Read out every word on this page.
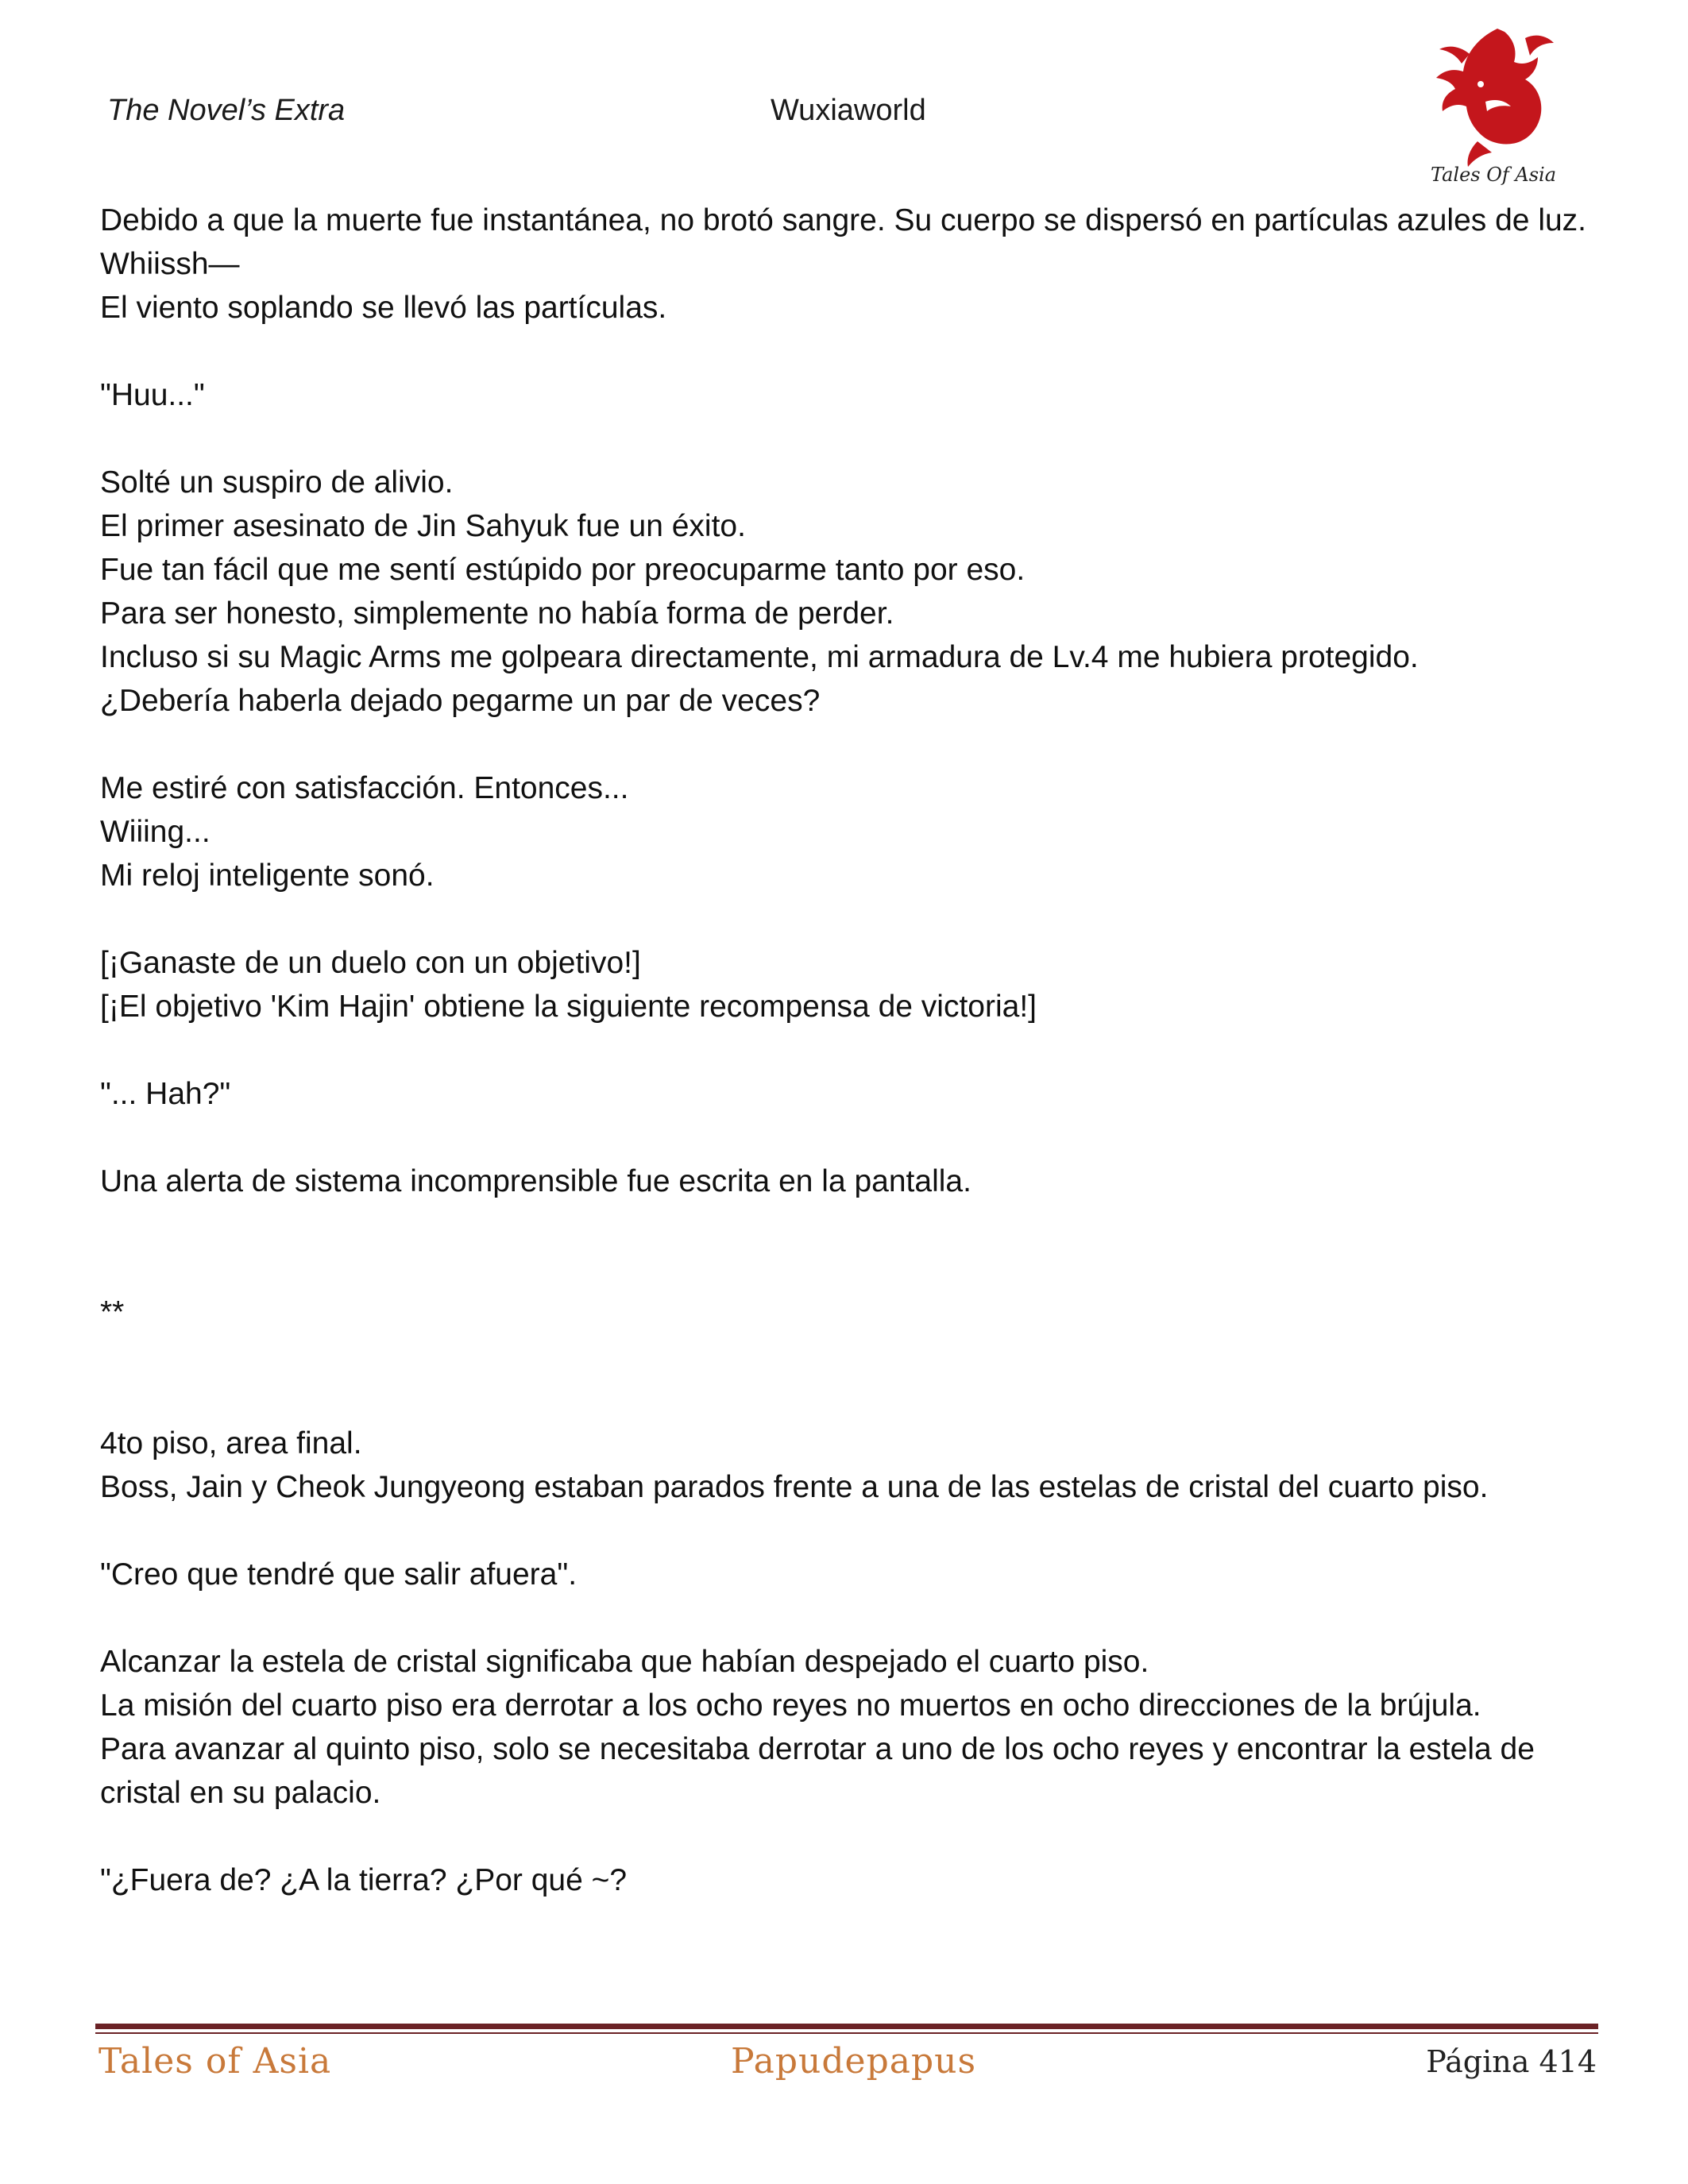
The Novel’s Extra	Wuxiaworld
Tales Of Asia

Debido a que la muerte fue instantánea, no brotó sangre. Su cuerpo se dispersó en partículas azules de luz.

Whiissh—

El viento soplando se llevó las partículas.

"Huu..."

Solté un suspiro de alivio.

El primer asesinato de Jin Sahyuk fue un éxito.

Fue tan fácil que me sentí estúpido por preocuparme tanto por eso.

Para ser honesto, simplemente no había forma de perder.

Incluso si su Magic Arms me golpeara directamente, mi armadura de Lv.4 me hubiera protegido.

¿Debería haberla dejado pegarme un par de veces?

Me estiré con satisfacción. Entonces...

Wiiing...

Mi reloj inteligente sonó.

[¡Ganaste de un duelo con un objetivo!]

[¡El objetivo 'Kim Hajin' obtiene la siguiente recompensa de victoria!]

"... Hah?"

Una alerta de sistema incomprensible fue escrita en la pantalla.

**

4to piso, area final.

Boss, Jain y Cheok Jungyeong estaban parados frente a una de las estelas de cristal del cuarto piso.

"Creo que tendré que salir afuera".

Alcanzar la estela de cristal significaba que habían despejado el cuarto piso.

La misión del cuarto piso era derrotar a los ocho reyes no muertos en ocho direcciones de la brújula.

Para avanzar al quinto piso, solo se necesitaba derrotar a uno de los ocho reyes y encontrar la estela de cristal en su palacio.

"¿Fuera de? ¿A la tierra? ¿Por qué ~?

Tales of Asia	Papudepapus	Página 414
